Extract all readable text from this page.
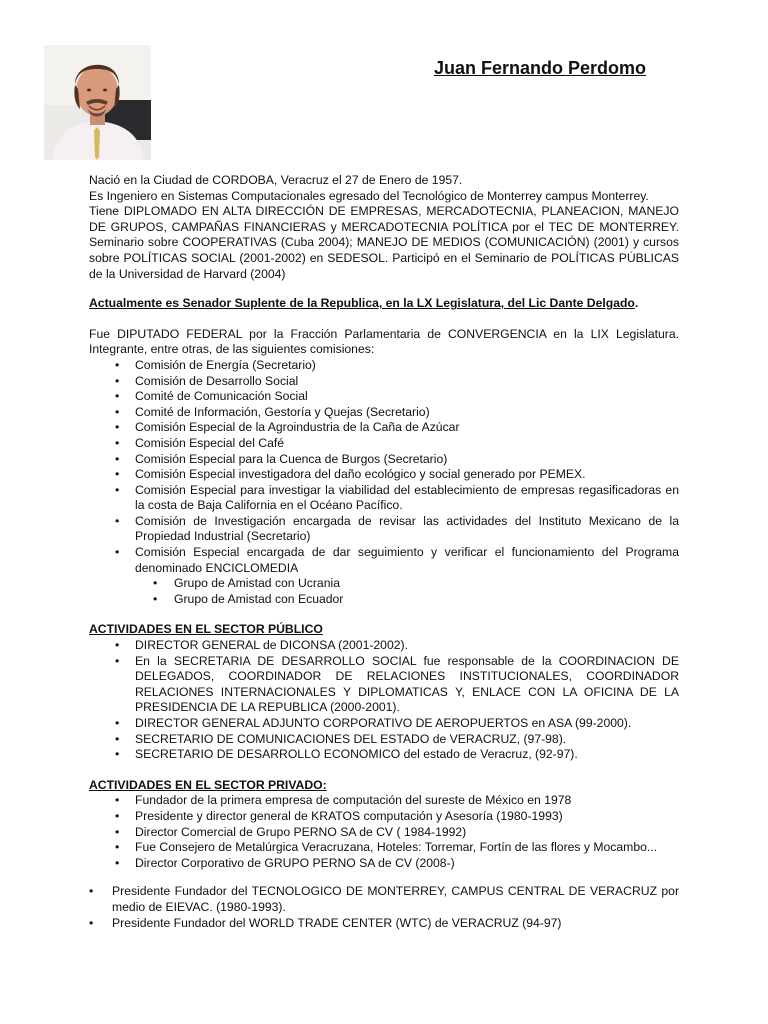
Juan Fernando Perdomo

Nació en la Ciudad de CORDOBA, Veracruz el 27 de Enero de 1957.

Es Ingeniero en Sistemas Computacionales egresado del Tecnológico de Monterrey campus Monterrey.

Tiene DIPLOMADO EN ALTA DIRECCIÓN DE EMPRESAS, MERCADOTECNIA, PLANEACION, MANEJO DE GRUPOS, CAMPAÑAS FINANCIERAS y MERCADOTECNIA POLÍTICA por el TEC DE MONTERREY. Seminario sobre COOPERATIVAS (Cuba 2004); MANEJO DE MEDIOS (COMUNICACIÓN) (2001) y cursos sobre POLÍTICAS SOCIAL (2001-2002) en SEDESOL. Participó en el Seminario de POLÍTICAS PÚBLICAS de la Universidad de Harvard (2004)

Actualmente es Senador Suplente de la Republica, en la LX Legislatura, del Lic Dante Delgado.

Fue DIPUTADO FEDERAL por la Fracción Parlamentaria de CONVERGENCIA en la LIX Legislatura. Integrante, entre otras, de las siguientes comisiones:

• Comisión de Energía (Secretario)
• Comisión de Desarrollo Social
• Comité de Comunicación Social
• Comité de Información, Gestoría y Quejas (Secretario)
• Comisión Especial de la Agroindustria de la Caña de Azúcar
• Comisión Especial del Café
• Comisión Especial para la Cuenca de Burgos (Secretario)
• Comisión Especial investigadora del daño ecológico y social generado por PEMEX.
• Comisión Especial para investigar la viabilidad del establecimiento de empresas regasificadoras en la costa de Baja California en el Océano Pacífico.
• Comisión de Investigación encargada de revisar las actividades del Instituto Mexicano de la Propiedad Industrial (Secretario)
• Comisión Especial encargada de dar seguimiento y verificar el funcionamiento del Programa denominado ENCICLOMEDIA
• Grupo de Amistad con Ucrania
• Grupo de Amistad con Ecuador

ACTIVIDADES EN EL SECTOR PÚBLICO

• DIRECTOR GENERAL de DICONSA (2001-2002).
• En la SECRETARIA DE DESARROLLO SOCIAL fue responsable de la COORDINACION DE DELEGADOS, COORDINADOR DE RELACIONES INSTITUCIONALES, COORDINADOR RELACIONES INTERNACIONALES Y DIPLOMATICAS Y, ENLACE CON LA OFICINA DE LA PRESIDENCIA DE LA REPUBLICA (2000-2001).
• DIRECTOR GENERAL ADJUNTO CORPORATIVO DE AEROPUERTOS en ASA (99-2000).
• SECRETARIO DE COMUNICACIONES DEL ESTADO de VERACRUZ, (97-98).
• SECRETARIO DE DESARROLLO ECONOMICO del estado de Veracruz, (92-97).

ACTIVIDADES EN EL SECTOR PRIVADO:

• Fundador de la primera empresa de computación del sureste de México en 1978
• Presidente y director general de KRATOS computación y Asesoría (1980-1993)
• Director Comercial de Grupo PERNO SA de CV ( 1984-1992)
• Fue Consejero de Metalúrgica Veracruzana, Hoteles: Torremar, Fortín de las flores y Mocambo...
• Director Corporativo de GRUPO PERNO SA de CV (2008-)
• Presidente Fundador del TECNOLOGICO DE MONTERREY, CAMPUS CENTRAL DE VERACRUZ por medio de EIEVAC. (1980-1993).
• Presidente Fundador del WORLD TRADE CENTER (WTC) de VERACRUZ (94-97)
